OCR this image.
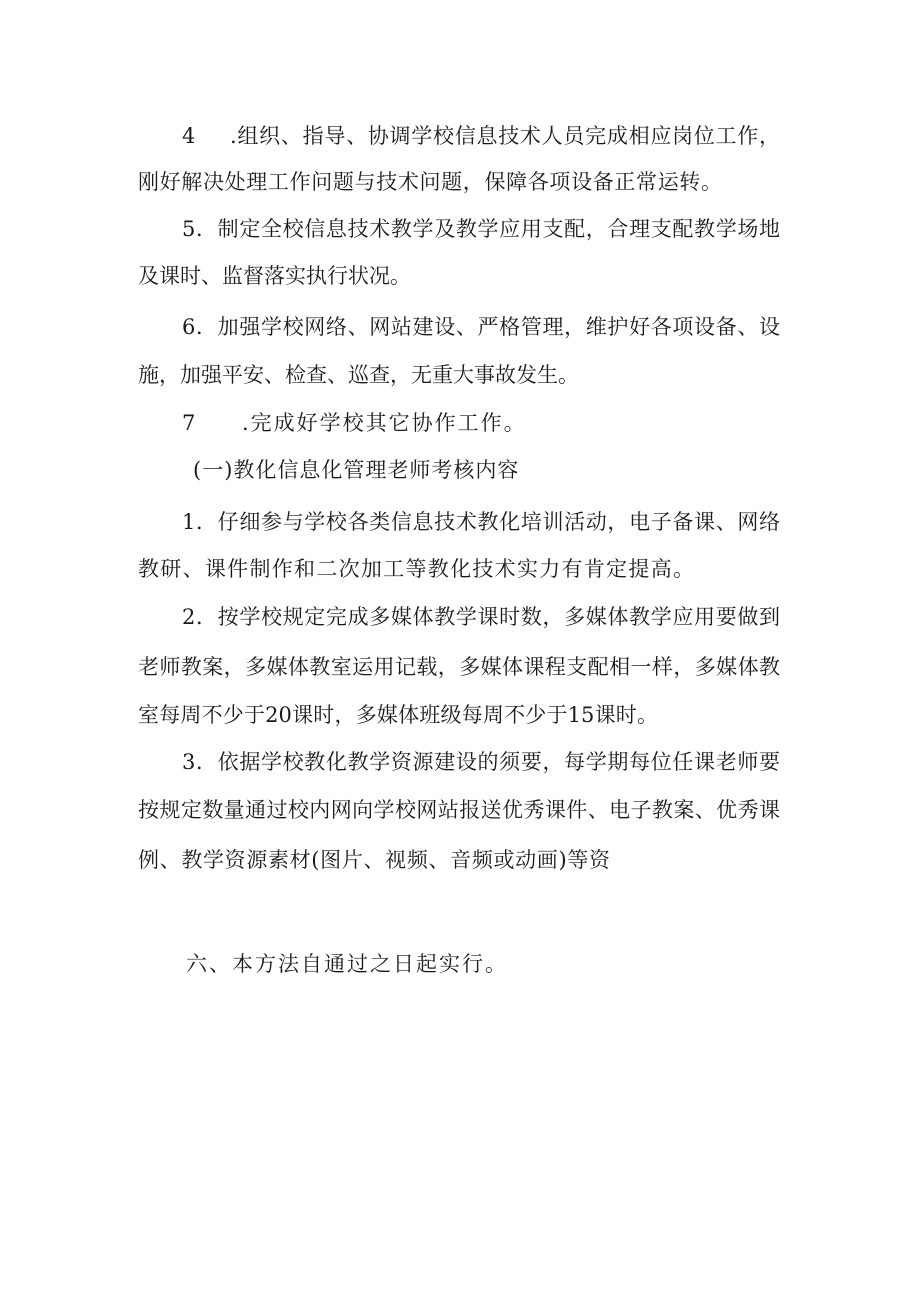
4 .组织、指导、协调学校信息技术人员完成相应岗位工作，
刚好解决处理工作问题与技术问题，保障各项设备正常运转。
5．制定全校信息技术教学及教学应用支配，合理支配教学场地
及课时、监督落实执行状况。
6．加强学校网络、网站建设、严格管理，维护好各项设备、设
施，加强平安、检查、巡查，无重大事故发生。
7 .完成好学校其它协作工作。
(一)教化信息化管理老师考核内容
1．仔细参与学校各类信息技术教化培训活动，电子备课、网络
教研、课件制作和二次加工等教化技术实力有肯定提高。
2．按学校规定完成多媒体教学课时数，多媒体教学应用要做到
老师教案，多媒体教室运用记载，多媒体课程支配相一样，多媒体教
室每周不少于20课时，多媒体班级每周不少于15课时。
3．依据学校教化教学资源建设的须要，每学期每位任课老师要
按规定数量通过校内网向学校网站报送优秀课件、电子教案、优秀课
例、教学资源素材(图片、视频、音频或动画)等资
六、本方法自通过之日起实行。
